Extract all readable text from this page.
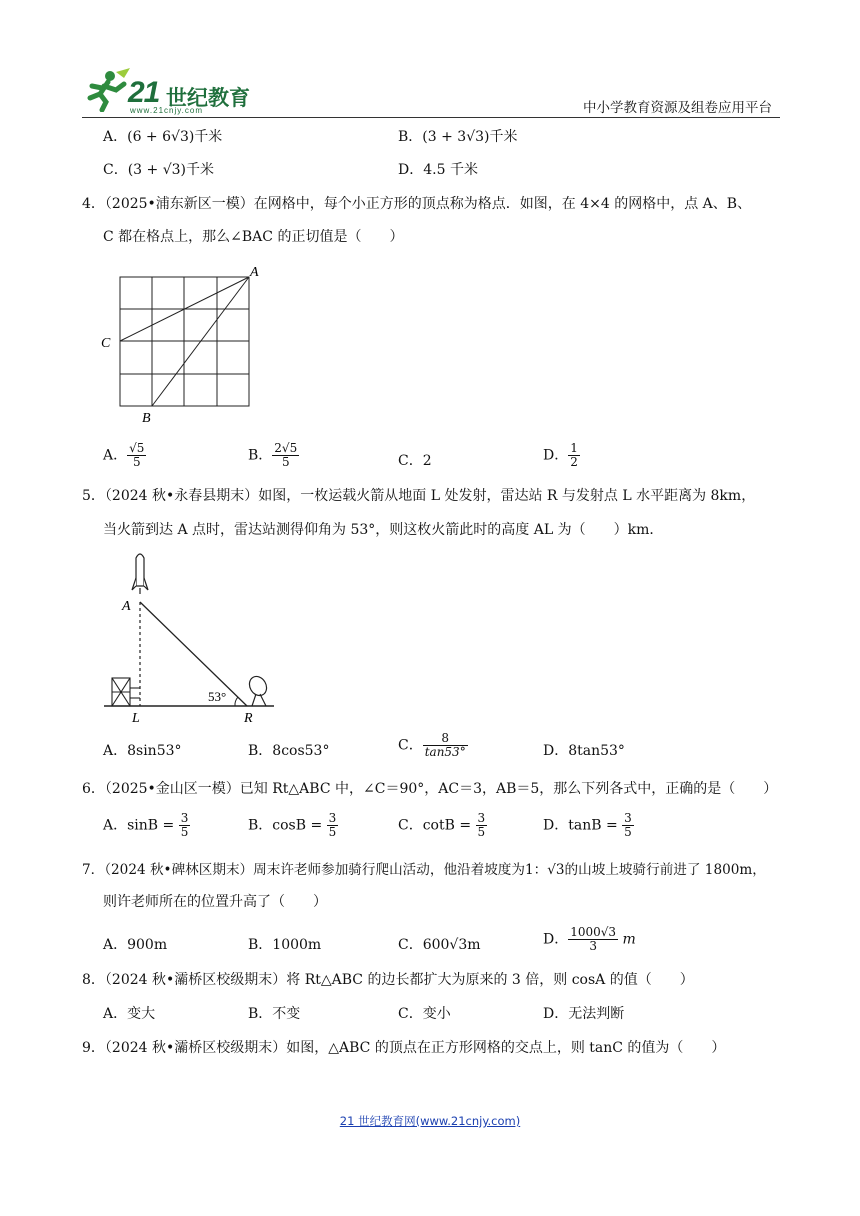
21 世纪教育
www.21cnjy.com	中小学教育资源及组卷应用平台
A．(6 + 6√3)千米	B．(3 + 3√3)千米
C．(3 + √3)千米	D．4.5 千米
4．（2025•浦东新区一模）在网格中，每个小正方形的顶点称为格点．如图，在 4×4 的网格中，点 A、B、
C 都在格点上，那么∠BAC 的正切值是（　　）
A
C
B
A． $\frac{√5}{5}$	B． $\frac{2√5}{5}$	C．2	D． $\frac{1}{2}$
5．（2024 秋•永春县期末）如图，一枚运载火箭从地面 L 处发射，雷达站 R 与发射点 L 水平距离为 8km，
当火箭到达 A 点时，雷达站测得仰角为 53°，则这枚火箭此时的高度 AL 为（　　）km．
A
53°
L	R
A．8sin53°	B．8cos53°	C． $\frac{8}{\tan 53^\circ}$	D．8tan53°
6．（2025•金山区一模）已知 Rt△ABC 中，∠C＝90°，AC＝3，AB＝5，那么下列各式中，正确的是（　　）
A．$\sin B = \frac{3}{5}$	B．$\cos B = \frac{3}{5}$	C．$\cot B = \frac{3}{5}$	D．$\tan B = \frac{3}{5}$
7．（2024 秋•碑林区期末）周末许老师参加骑行爬山活动，他沿着坡度为1：√3的山坡上坡骑行前进了 1800m，
则许老师所在的位置升高了（　　）
A．900m	B．1000m	C．600√3m	D． $\frac{1000√3}{3}$ m
8．（2024 秋•灞桥区校级期末）将 Rt△ABC 的边长都扩大为原来的 3 倍，则 cosA 的值（　　）
A．变大	B．不变	C．变小	D．无法判断
9．（2024 秋•灞桥区校级期末）如图，△ABC 的顶点在正方形网格的交点上，则 tanC 的值为（　　）
21 世纪教育网(www.21cnjy.com)
